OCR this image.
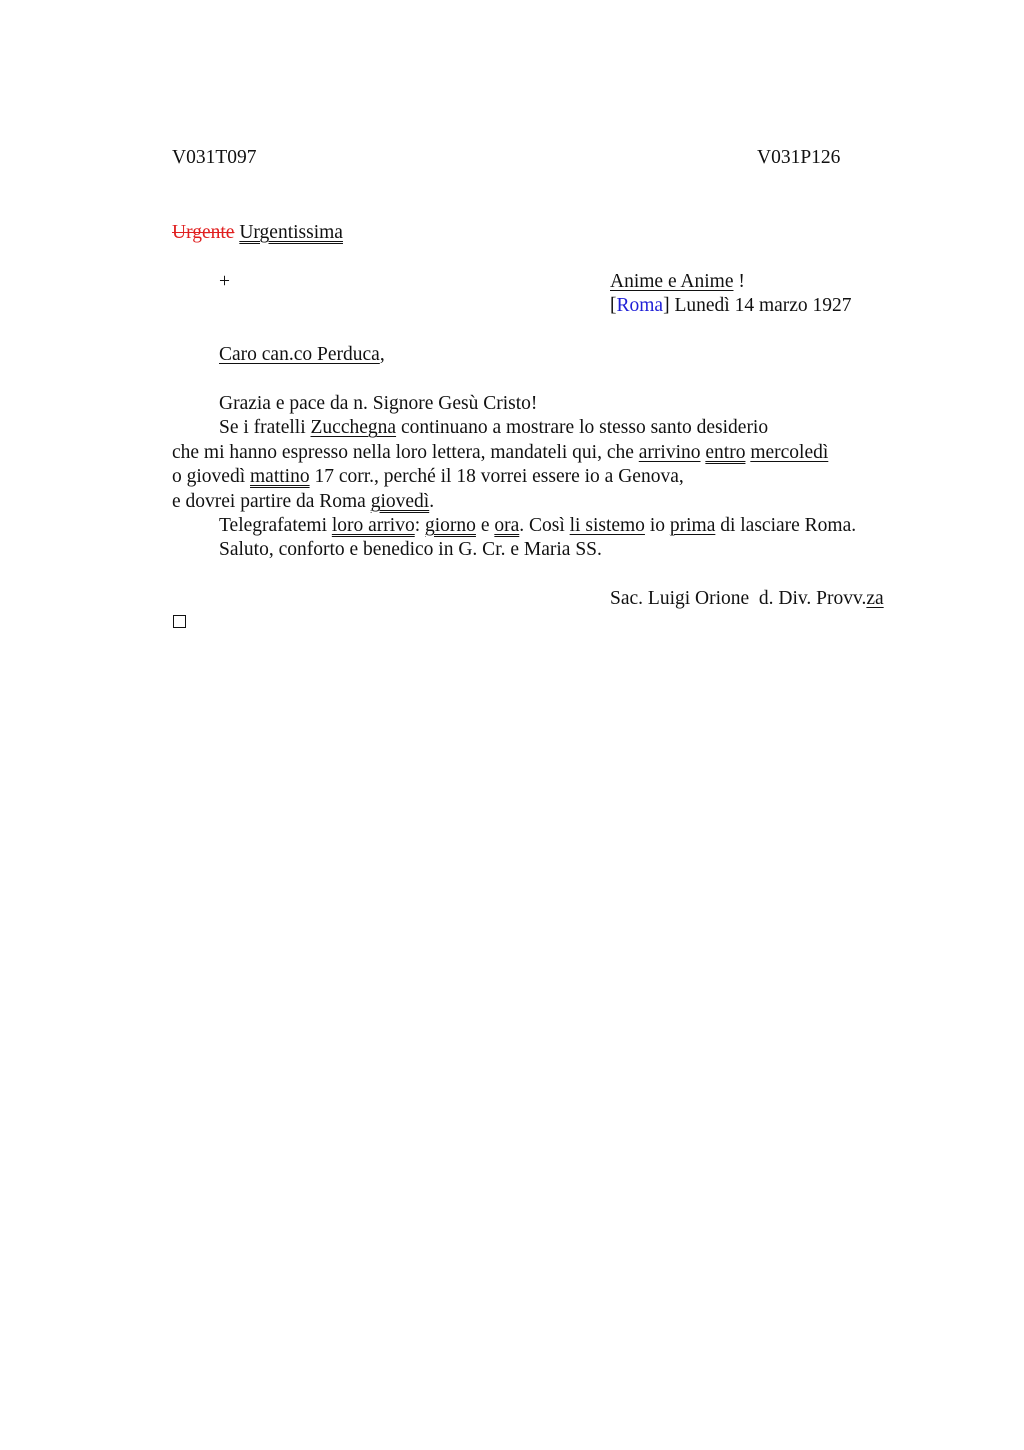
V031T097	V031P126
Urgente Urgentissima
+	Anime e Anime !
[Roma] Lunedì 14 marzo 1927
Caro can.co Perduca,
Grazia e pace da n. Signore Gesù Cristo!
Se i fratelli Zucchegna continuano a mostrare lo stesso santo desiderio
che mi hanno espresso nella loro lettera, mandateli qui, che arrivino entro mercoledì
o giovedì mattino 17 corr., perché il 18 vorrei essere io a Genova,
e dovrei partire da Roma giovedì.
Telegrafatemi loro arrivo: giorno e ora. Così li sistemo io prima di lasciare Roma.
Saluto, conforto e benedico in G. Cr. e Maria SS.
Sac. Luigi Orione  d. Div. Provv.za
